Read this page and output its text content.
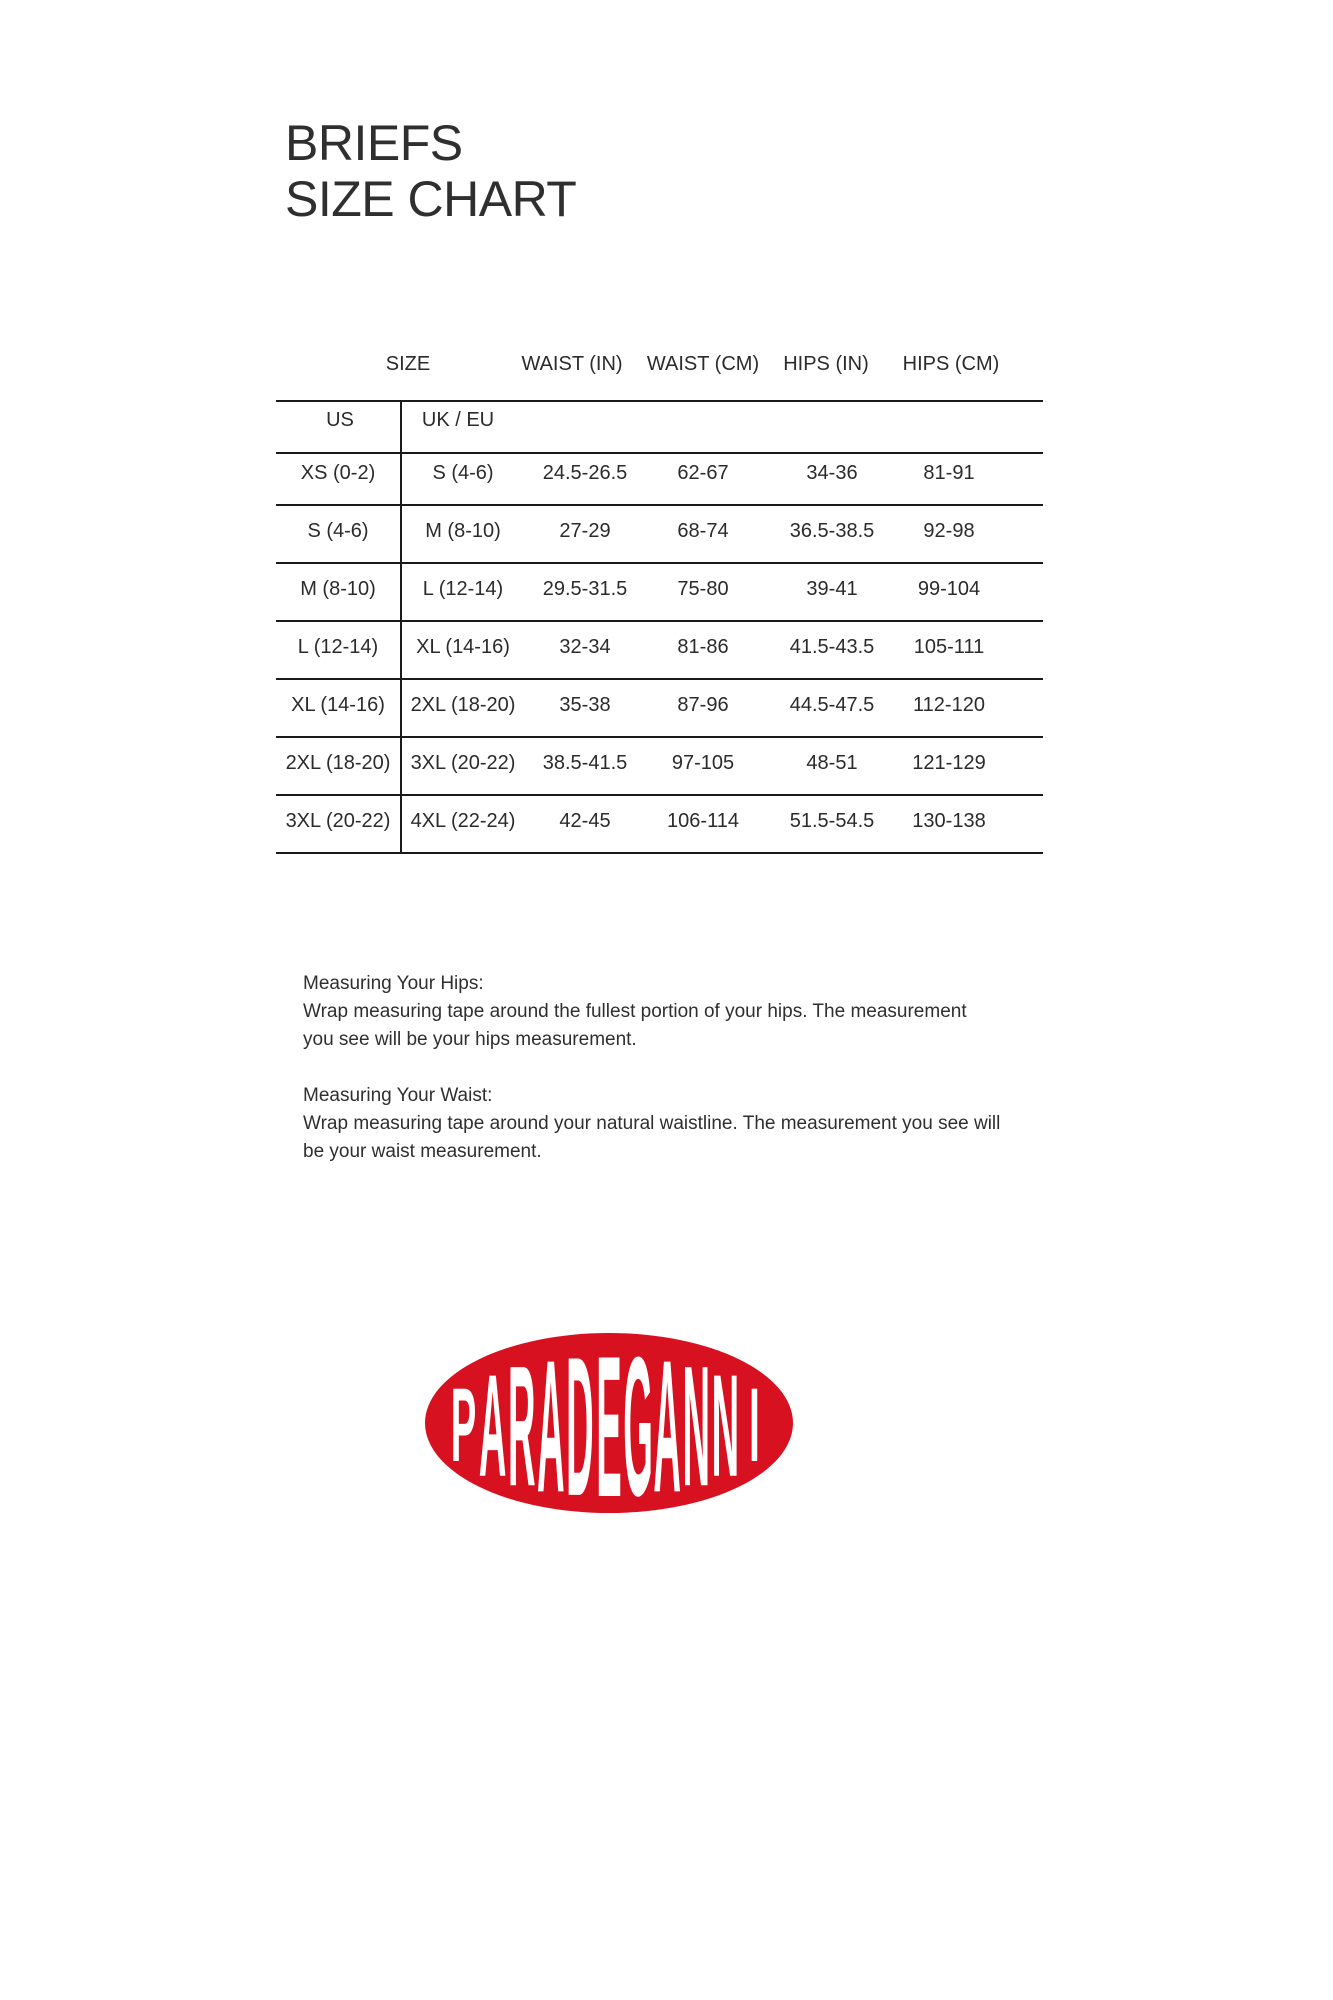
BRIEFS
SIZE CHART
SIZE	WAIST (IN) WAIST (CM) HIPS (IN) HIPS (CM)
US	UK / EU
XS (0-2)	S (4-6) 24.5-26.5	62-67	34-36	81-91
S (4-6)	M (8-10)	27-29	68-74	36.5-38.5 92-98
M (8-10) L (12-14) 29.5-31.5	75-80	39-41	99-104
L (12-14) XL (14-16) 32-34	81-86	41.5-43.5 105-111
XL (14-16) 2XL (18-20) 35-38	87-96	44.5-47.5 112-120
2XL (18-20) 3XL (20-22) 38.5-41.5 97-105	48-51	121-129
3XL (20-22) 4XL (22-24) 42-45	106-114	51.5-54.5 130-138

Measuring Your Hips:

Wrap measuring tape around the fullest portion of your hips. The measurement

you see will be your hips measurement.

Measuring Your Waist:

Wrap measuring tape around your natural waistline. The measurement you see will

be your waist measurement.

P A R A D E G A N N I
